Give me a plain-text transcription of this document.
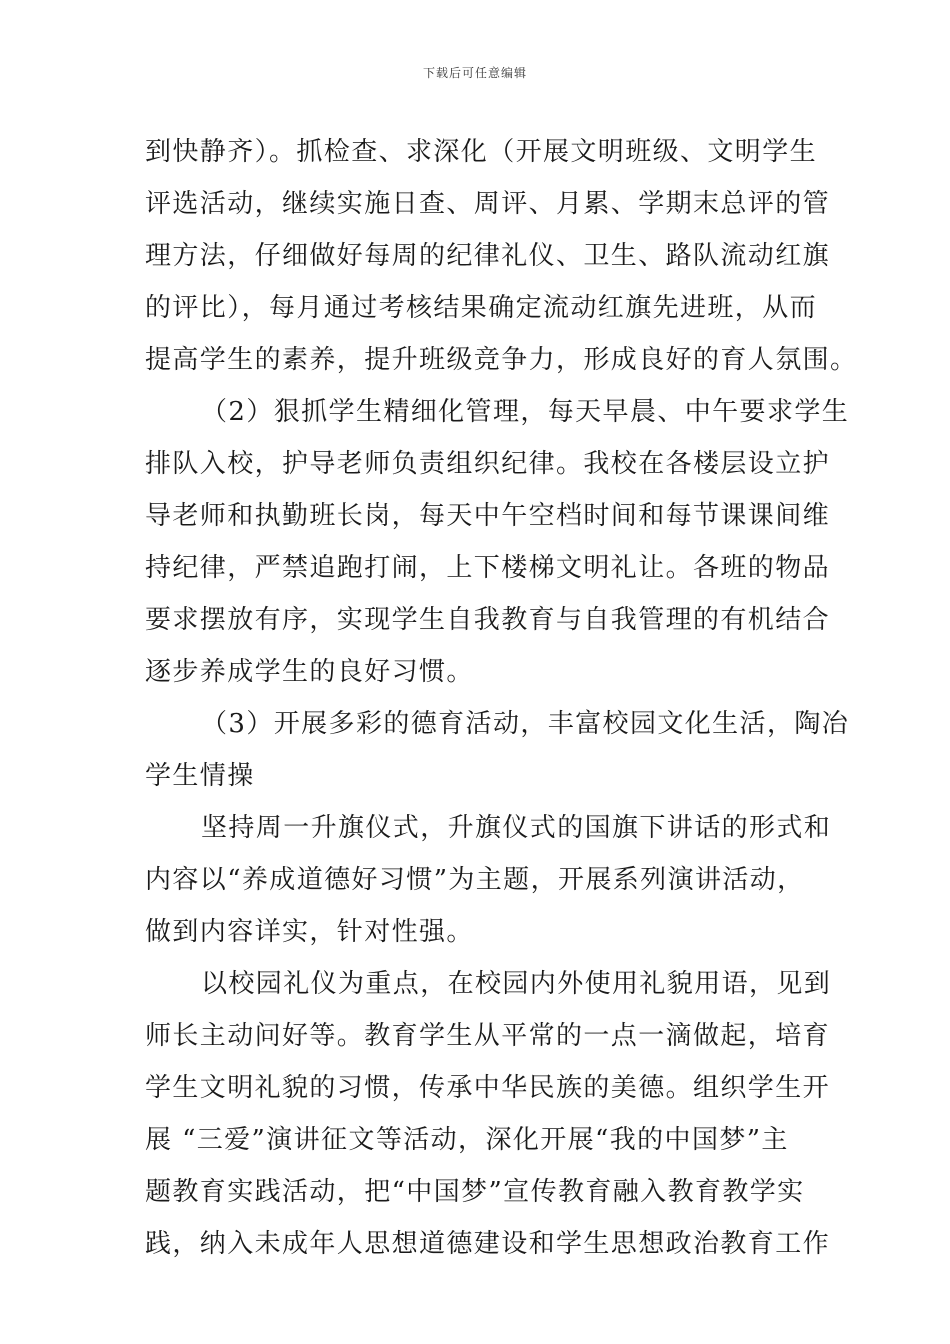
下载后可任意编辑
到快静齐）。抓检查、求深化（开展文明班级、文明学生
评选活动，继续实施日查、周评、月累、学期末总评的管
理方法，仔细做好每周的纪律礼仪、卫生、路队流动红旗
的评比），每月通过考核结果确定流动红旗先进班，从而
提高学生的素养，提升班级竞争力，形成良好的育人氛围。
（2）狠抓学生精细化管理，每天早晨、中午要求学生
排队入校，护导老师负责组织纪律。我校在各楼层设立护
导老师和执勤班长岗，每天中午空档时间和每节课课间维
持纪律，严禁追跑打闹，上下楼梯文明礼让。各班的物品
要求摆放有序，实现学生自我教育与自我管理的有机结合
逐步养成学生的良好习惯。
（3）开展多彩的德育活动，丰富校园文化生活，陶冶
学生情操
坚持周一升旗仪式，升旗仪式的国旗下讲话的形式和
内容以“养成道德好习惯”为主题，开展系列演讲活动，
做到内容详实，针对性强。
以校园礼仪为重点，在校园内外使用礼貌用语，见到
师长主动问好等。教育学生从平常的一点一滴做起，培育
学生文明礼貌的习惯，传承中华民族的美德。组织学生开
展 “三爱”演讲征文等活动，深化开展“我的中国梦”主
题教育实践活动，把“中国梦”宣传教育融入教育教学实
践，纳入未成年人思想道德建设和学生思想政治教育工作
